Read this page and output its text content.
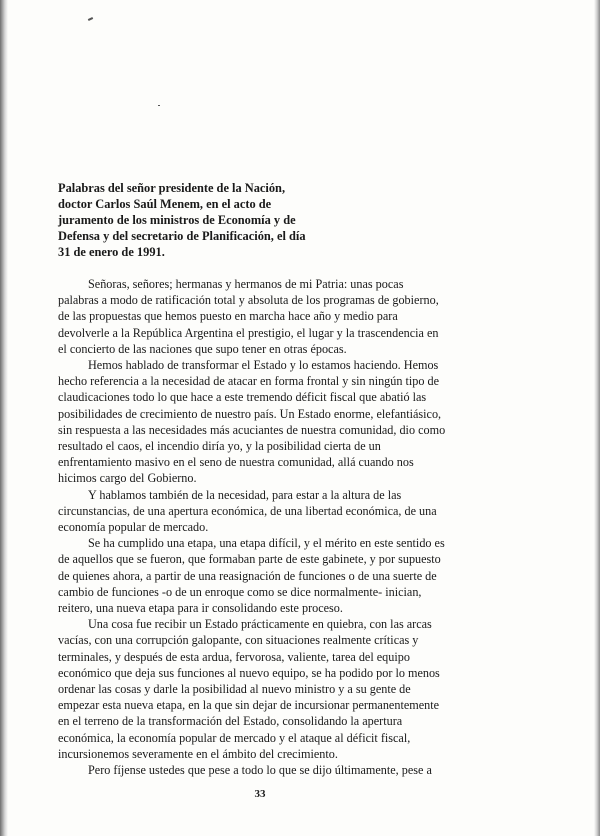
Palabras del señor presidente de la Nación,
doctor Carlos Saúl Menem, en el acto de
juramento de los ministros de Economía y de
Defensa y del secretario de Planificación, el día
31 de enero de 1991.
Señoras, señores; hermanas y hermanos de mi Patria: unas pocas
palabras a modo de ratificación total y absoluta de los programas de gobierno,
de las propuestas que hemos puesto en marcha hace año y medio para
devolverle a la República Argentina el prestigio, el lugar y la trascendencia en
el concierto de las naciones que supo tener en otras épocas.
Hemos hablado de transformar el Estado y lo estamos haciendo. Hemos
hecho referencia a la necesidad de atacar en forma frontal y sin ningún tipo de
claudicaciones todo lo que hace a este tremendo déficit fiscal que abatió las
posibilidades de crecimiento de nuestro país. Un Estado enorme, elefantiásico,
sin respuesta a las necesidades más acuciantes de nuestra comunidad, dio como
resultado el caos, el incendio diría yo, y la posibilidad cierta de un
enfrentamiento masivo en el seno de nuestra comunidad, allá cuando nos
hicimos cargo del Gobierno.
Y hablamos también de la necesidad, para estar a la altura de las
circunstancias, de una apertura económica, de una libertad económica, de una
economía popular de mercado.
Se ha cumplido una etapa, una etapa difícil, y el mérito en este sentido es
de aquellos que se fueron, que formaban parte de este gabinete, y por supuesto
de quienes ahora, a partir de una reasignación de funciones o de una suerte de
cambio de funciones -o de un enroque como se dice normalmente- inician,
reitero, una nueva etapa para ir consolidando este proceso.
Una cosa fue recibir un Estado prácticamente en quiebra, con las arcas
vacías, con una corrupción galopante, con situaciones realmente críticas y
terminales, y después de esta ardua, fervorosa, valiente, tarea del equipo
económico que deja sus funciones al nuevo equipo, se ha podido por lo menos
ordenar las cosas y darle la posibilidad al nuevo ministro y a su gente de
empezar esta nueva etapa, en la que sin dejar de incursionar permanentemente
en el terreno de la transformación del Estado, consolidando la apertura
económica, la economía popular de mercado y el ataque al déficit fiscal,
incursionemos severamente en el ámbito del crecimiento.
Pero fíjense ustedes que pese a todo lo que se dijo últimamente, pese a
33
